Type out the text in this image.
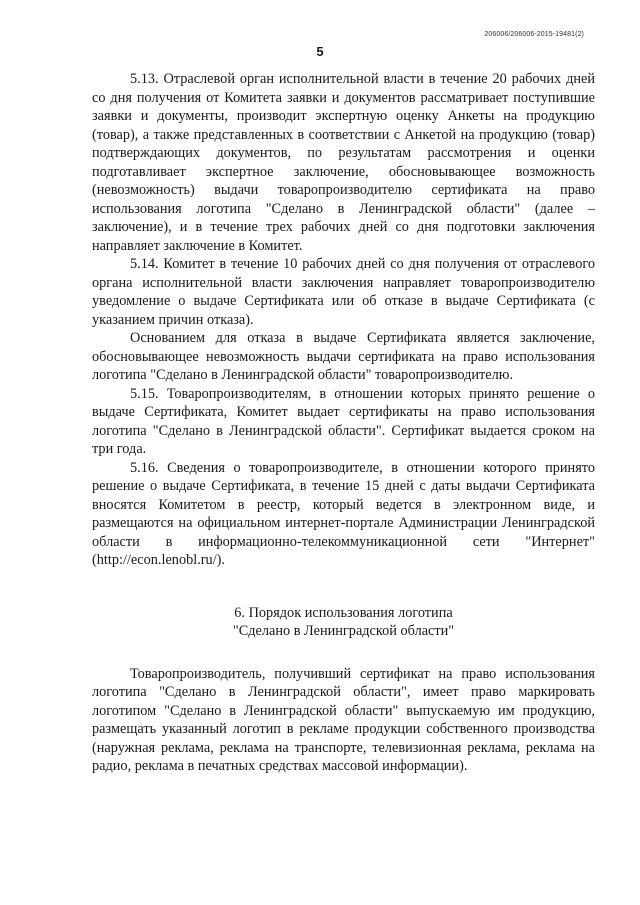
206006/206006-2015-19481(2)
5

5.13. Отраслевой орган исполнительной власти в течение 20 рабочих дней со дня получения от Комитета заявки и документов рассматривает поступившие заявки и документы, производит экспертную оценку Анкеты на продукцию (товар), а также представленных в соответствии с Анкетой на продукцию (товар) подтверждающих документов, по результатам рассмотрения и оценки подготавливает экспертное заключение, обосновывающее возможность (невозможность) выдачи товаропроизводителю сертификата на право использования логотипа "Сделано в Ленинградской области" (далее – заключение), и в течение трех рабочих дней со дня подготовки заключения направляет заключение в Комитет.

5.14. Комитет в течение 10 рабочих дней со дня получения от отраслевого органа исполнительной власти заключения направляет товаропроизводителю уведомление о выдаче Сертификата или об отказе в выдаче Сертификата (с указанием причин отказа).

Основанием для отказа в выдаче Сертификата является заключение, обосновывающее невозможность выдачи сертификата на право использования логотипа "Сделано в Ленинградской области" товаропроизводителю.

5.15. Товаропроизводителям, в отношении которых принято решение о выдаче Сертификата, Комитет выдает сертификаты на право использования логотипа "Сделано в Ленинградской области". Сертификат выдается сроком на три года.

5.16. Сведения о товаропроизводителе, в отношении которого принято решение о выдаче Сертификата, в течение 15 дней с даты выдачи Сертификата вносятся Комитетом в реестр, который ведется в электронном виде, и размещаются на официальном интернет-портале Администрации Ленинградской области в информационно-телекоммуникационной сети "Интернет" (http://econ.lenobl.ru/).

6. Порядок использования логотипа
"Сделано в Ленинградской области"

Товаропроизводитель, получивший сертификат на право использования логотипа "Сделано в Ленинградской области", имеет право маркировать логотипом "Сделано в Ленинградской области" выпускаемую им продукцию, размещать указанный логотип в рекламе продукции собственного производства (наружная реклама, реклама на транспорте, телевизионная реклама, реклама на радио, реклама в печатных средствах массовой информации).
